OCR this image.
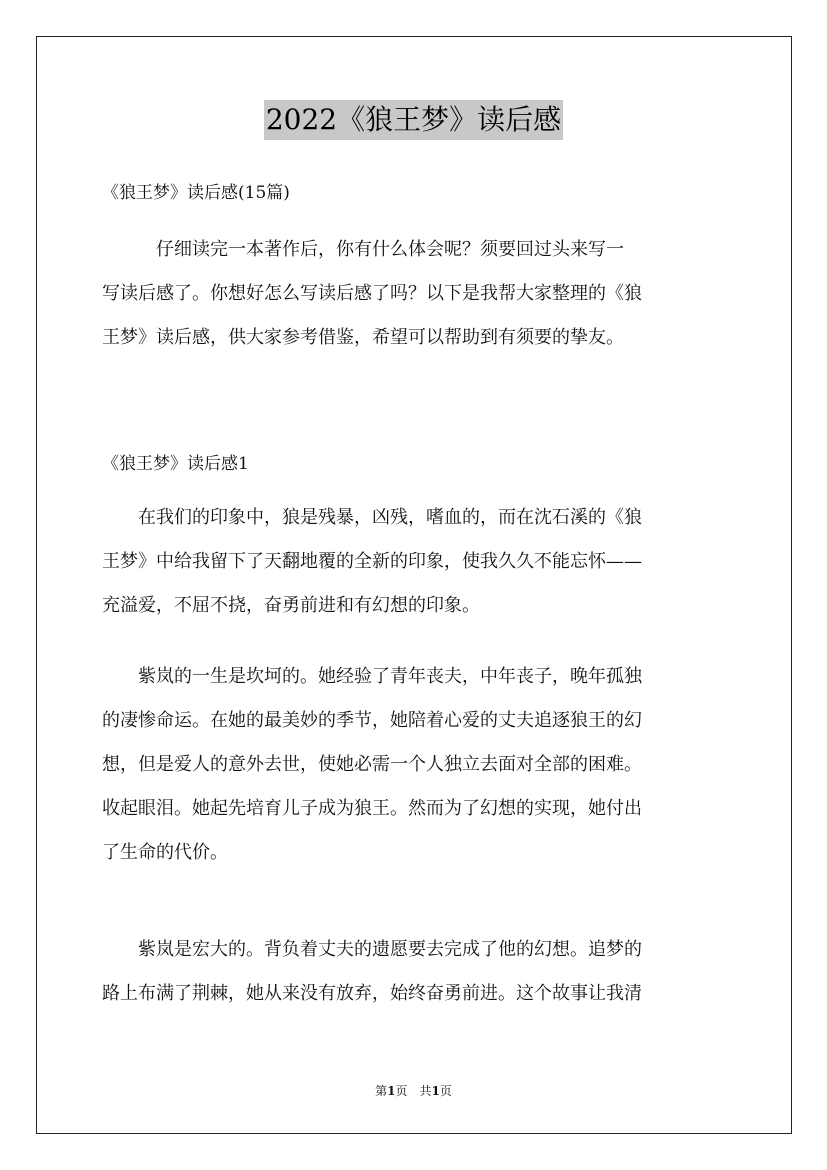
2022《狼王梦》读后感
《狼王梦》读后感(15篇)
　　　仔细读完一本著作后，你有什么体会呢？须要回过头来写一
写读后感了。你想好怎么写读后感了吗？以下是我帮大家整理的《狼
王梦》读后感，供大家参考借鉴，希望可以帮助到有须要的挚友。
《狼王梦》读后感1
　　在我们的印象中，狼是残暴，凶残，嗜血的，而在沈石溪的《狼
王梦》中给我留下了天翻地覆的全新的印象，使我久久不能忘怀——
充溢爱，不屈不挠，奋勇前进和有幻想的印象。
　　紫岚的一生是坎坷的。她经验了青年丧夫，中年丧子，晚年孤独
的凄惨命运。在她的最美妙的季节，她陪着心爱的丈夫追逐狼王的幻
想，但是爱人的意外去世，使她必需一个人独立去面对全部的困难。
收起眼泪。她起先培育儿子成为狼王。然而为了幻想的实现，她付出
了生命的代价。
　　紫岚是宏大的。背负着丈夫的遗愿要去完成了他的幻想。追梦的
路上布满了荆棘，她从来没有放弃，始终奋勇前进。这个故事让我清
第1页　共1页
